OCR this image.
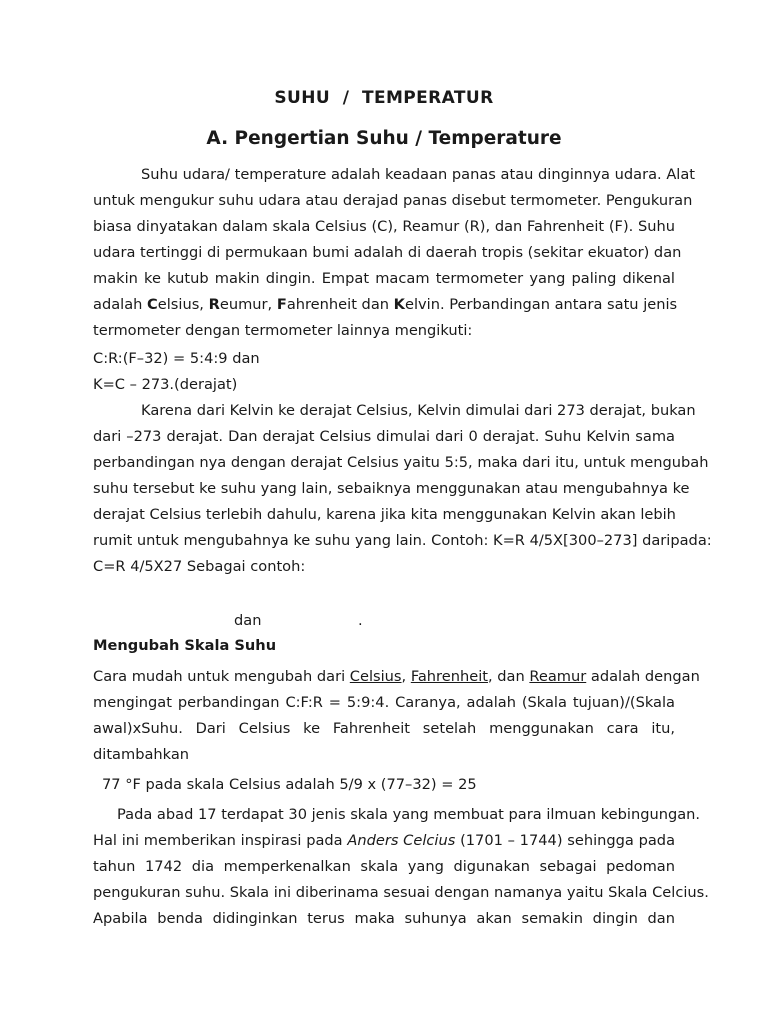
SUHU  /  TEMPERATUR
A. Pengertian Suhu / Temperature
Suhu udara/ temperature adalah keadaan panas atau dinginnya udara. Alat
untuk mengukur suhu udara atau derajad panas disebut termometer. Pengukuran
biasa dinyatakan dalam skala Celsius (C), Reamur (R), dan Fahrenheit (F). Suhu
udara tertinggi di permukaan bumi adalah di daerah tropis (sekitar ekuator) dan
makin ke kutub makin dingin. Empat macam termometer yang paling dikenal
adalah Celsius, Reumur, Fahrenheit dan Kelvin. Perbandingan antara satu jenis
termometer dengan termometer lainnya mengikuti:
C:R:(F–32) = 5:4:9 dan
K=C – 273.(derajat)
Karena dari Kelvin ke derajat Celsius, Kelvin dimulai dari 273 derajat, bukan
dari –273 derajat. Dan derajat Celsius dimulai dari 0 derajat. Suhu Kelvin sama
perbandingan nya dengan derajat Celsius yaitu 5:5, maka dari itu, untuk mengubah
suhu tersebut ke suhu yang lain, sebaiknya menggunakan atau mengubahnya ke
derajat Celsius terlebih dahulu, karena jika kita menggunakan Kelvin akan lebih
rumit untuk mengubahnya ke suhu yang lain. Contoh: K=R 4/5X[300–273] daripada:
C=R 4/5X27 Sebagai contoh:
dan	.
Mengubah Skala Suhu
Cara mudah untuk mengubah dari Celsius, Fahrenheit, dan Reamur adalah dengan
mengingat perbandingan C:F:R = 5:9:4. Caranya, adalah (Skala tujuan)/(Skala
awal)xSuhu. Dari Celsius ke Fahrenheit setelah menggunakan cara itu,
ditambahkan
77 °F pada skala Celsius adalah 5/9 x (77–32) = 25
Pada abad 17 terdapat 30 jenis skala yang membuat para ilmuan kebingungan.
Hal ini memberikan inspirasi pada Anders Celcius (1701 – 1744) sehingga pada
tahun 1742 dia memperkenalkan skala yang digunakan sebagai pedoman
pengukuran suhu. Skala ini diberinama sesuai dengan namanya yaitu Skala Celcius.
Apabila benda didinginkan terus maka suhunya akan semakin dingin dan
